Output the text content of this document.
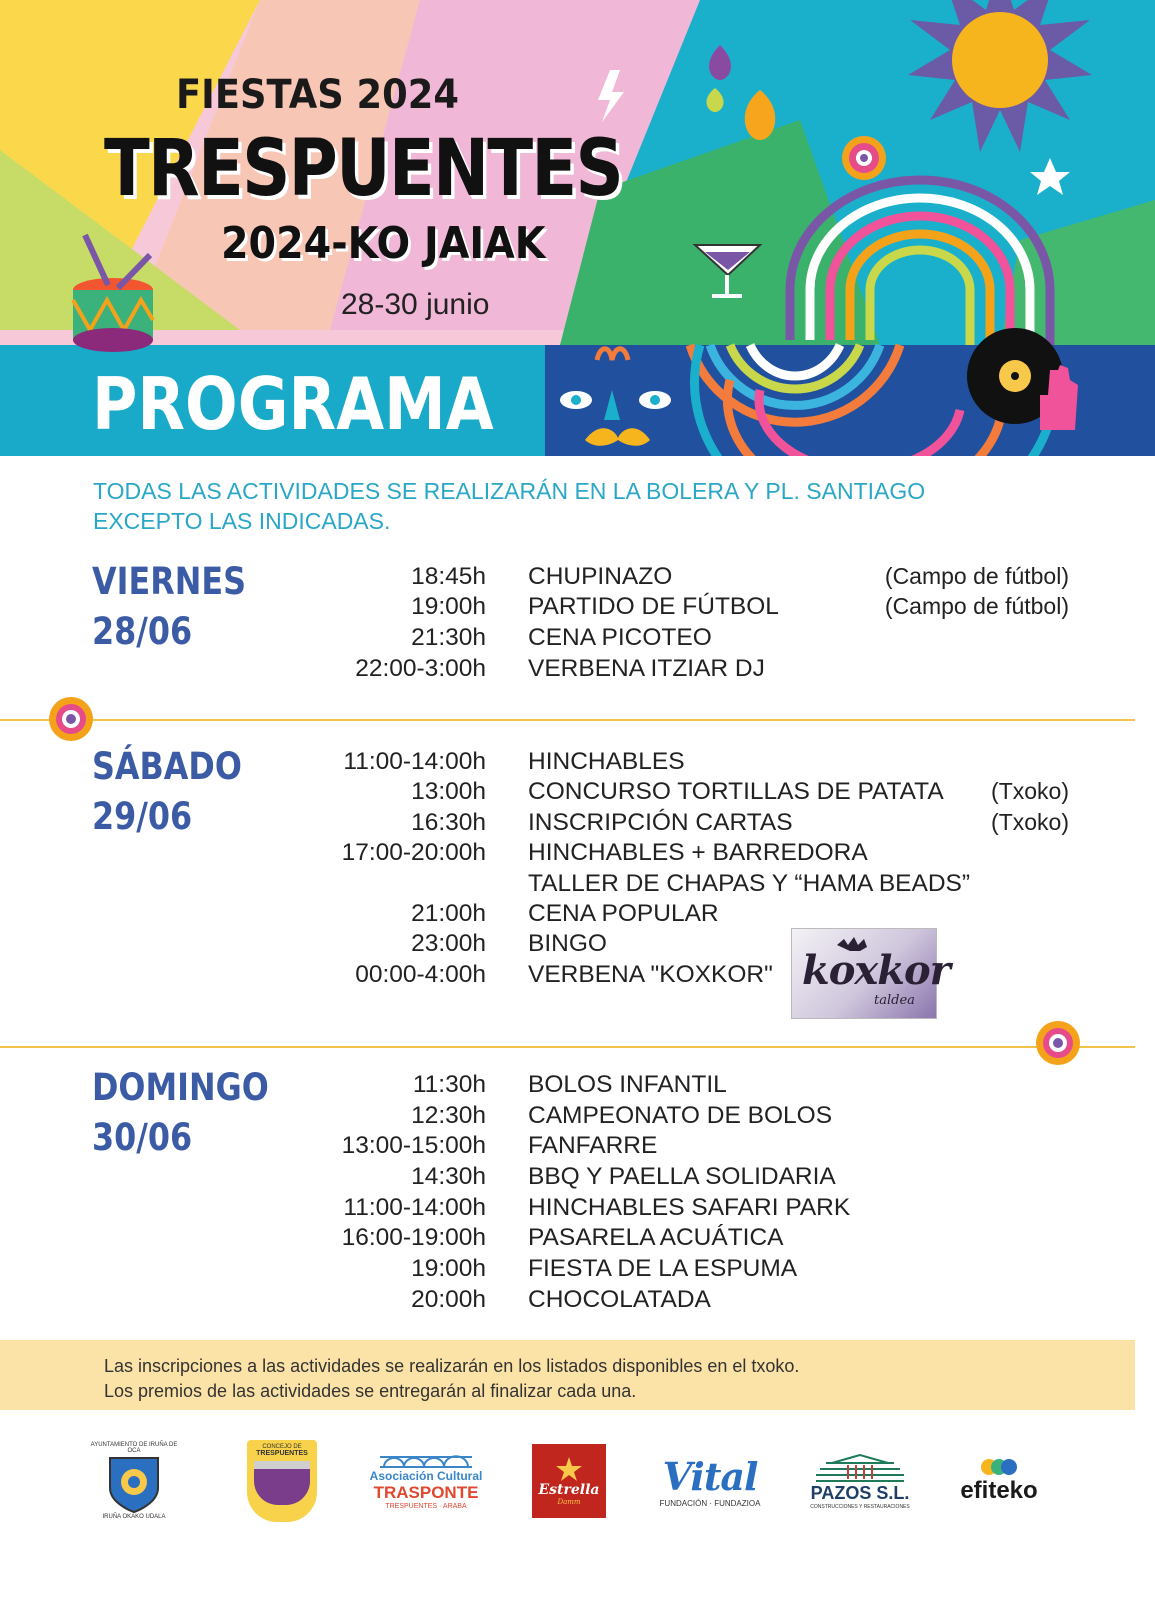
FIESTAS 2024
TRESPUENTES
2024-KO JAIAK
28-30 junio
PROGRAMA
TODAS LAS ACTIVIDADES SE REALIZARÁN EN LA BOLERA Y PL. SANTIAGO
EXCEPTO LAS INDICADAS.
VIERNES
28/06
18:45h CHUPINAZO	(Campo de fútbol)
19:00h PARTIDO DE FÚTBOL	(Campo de fútbol)
21:30h CENA PICOTEO
22:00-3:00h VERBENA ITZIAR DJ
SÁBADO
29/06
11:00-14:00h HINCHABLES
13:00h CONCURSO TORTILLAS DE PATATA (Txoko)
16:30h INSCRIPCIÓN CARTAS	(Txoko)
17:00-20:00h HINCHABLES + BARREDORA
TALLER DE CHAPAS Y “HAMA BEADS”
21:00h CENA POPULAR
23:00h BINGO
00:00-4:00h VERBENA "KOXKOR" koxkor
taldea
DOMINGO
30/06
11:30h BOLOS INFANTIL
12:30h CAMPEONATO DE BOLOS
13:00-15:00h FANFARRE
14:30h BBQ Y PAELLA SOLIDARIA
11:00-14:00h HINCHABLES SAFARI PARK
16:00-19:00h PASARELA ACUÁTICA
19:00h FIESTA DE LA ESPUMA
20:00h CHOCOLATADA
Las inscripciones a las actividades se realizarán en los listados disponibles en el txoko.
Los premios de las actividades se entregarán al finalizar cada una.
AYUNTAMIENTO DE IRUÑA DE OCA
IRUÑA OKAKO UDALA
CONCEJO DE
TRESPUENTES
Asociación Cultural
TRASPONTE
TRESPUENTES · ARABA
Estrella
Damm
Vital
FUNDACIÓN · FUNDAZIOA
PAZOS S.L.
CONSTRUCCIONES Y RESTAURACIONES
efiteko
